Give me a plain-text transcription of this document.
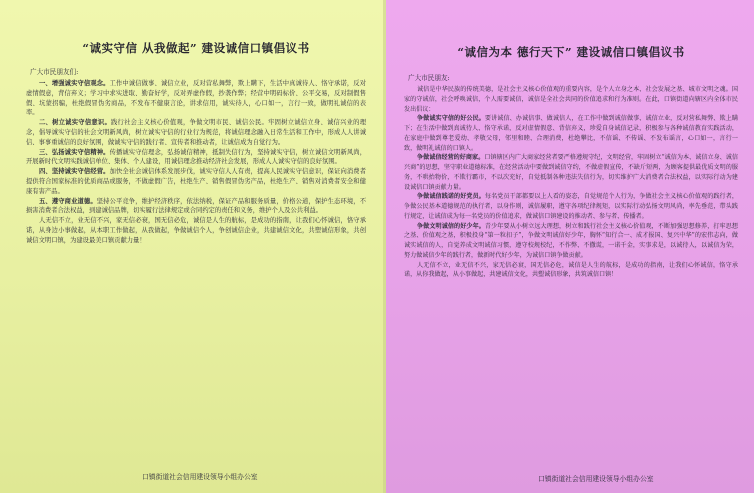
“诚实守信 从我做起” 建设诚信口镇倡议书
广大市民朋友们:

一、增强诚实守信观念。工作中诚信做事、诚信立业，反对营私舞弊，欺上瞒下，生活中真诚待人、恪守承诺，反对虚情假意，背信弃义；学习中求实进取、勤奋好学，反对弄虚作假，抄袭作弊；经营中明码标价、公平交易，反对制假售假、坑蒙拐骗，杜绝假冒伪劣商品，不发布不健康言论，讲求信用，诚实待人，心口如一，言行一致，做明礼诚信的表率。

二、树立诚实守信意识。践行社会主义核心价值观，争做文明市民、诚信公民。牢固树立诚信立身、诚信兴业的理念，倡导诚实守信的社会文明新风尚，树立诚实守信的行业行为规范，将诚信理念融入日常生活和工作中，形成人人讲诚信、事事重诚信的良好氛围，做诚实守信的践行者、宣传者和推动者，让诚信成为自觉行为。

三、弘扬诚实守信精神。传播诚实守信理念，弘扬诚信精神，抵制失信行为，坚持诚实守信，树立诚信文明新风尚，开展新时代文明实践诚信单位、集体、个人建设，用诚信理念推动经济社会发展，形成人人诚实守信的良好氛围。

四、坚持诚实守信经营。加快全社会诚信体系发展步伐，诚实守信人人有责，提高人民诚实守信意识，保证向消费者提供符合国家标准的优质商品或服务，不做虚假广告，杜绝生产、销售假冒伪劣产品，杜绝生产、销售对消费者安全和健康有害产品。

五、遵守商业道德。坚持公平竞争，维护经济秩序，依法纳税，保证产品和服务质量，价格公道，保护生态环境，不损害消费者合法权益，到建诚信品牌，切实履行法律规定或合同约定的责任和义务，维护个人及公共利益。

人无信不立，业无信不兴，家无信必衰，国无信必危，诚信是人生的航标，是成功的指南，让我们心怀诚信，恪守承诺，从身边小事做起，从本职工作做起，从我做起，争做诚信个人，争创诚信企业，共建诚信文化，共塑诚信形象，共创诚信文明口镇，为建设最美口镇贡献力量！

口镇街道社会信用建设领导小组办公室
“诚信为本 德行天下” 建设诚信口镇倡议书
广大市民朋友:

诚信是中华民族的传统美德，是社会主义核心价值观的重要内容，是个人立身之本、社会发展之基、城市文明之魂。国家的守诚信，社会呼唤诚信，个人需要诚信，诚信是全社会共同的价值追求和行为准则。在此，口镇街道向辖区内全体市民发出倡议：

争做诚实守信的好公民。要讲诚信、办诚信事、做诚信人，在工作中做到诚信做事、诚信立业，反对营私舞弊、欺上瞒下；在生活中做到真诚待人、恪守承诺，反对虚情假意、背信弃义，珍爱自身诚信记录，积极参与各种诚信教育实践活动，在家庭中做到尊老爱幼、孝敬父母，邻里和睦、合理消费，杜绝攀比，不信谣、不传谣、不发布谣言，心口如一，言行一致，做明礼诚信的口镇人。

争做诚信经营的好商家。口镇辖区内广大商家经营者要严格遵规守纪，文明经营，牢固树立“诚信为本、诚信立身、诚信兴商”的思想，坚守职业道德标准，在经营活动中要做到诚信守约，不做虚假宣传，不缺斤短两，为顾客提供最优质文明的服务，不哄抬物价，不欺行霸市，不以次充好，自觉抵制各种违法失信行为，切实维护广大消费者合法权益，以实际行动为建设诚信口镇贡献力量。

争做诚信践诺的好党员。每名党员干部都要以上人看的姿态，自觉规范个人行为，争做社会主义核心价值观的践行者，争做公民基本道德规范的执行者，以身作则，诚信履职，遵守各项纪律规矩，以实际行动弘扬文明风尚，率先垂范，带头践行规定，让诚信成为每一名党员的价值追求，做诚信口镇建设的推动者、参与者、传播者。

争做文明诚信的好少年。青少年要从小树立远大理想，树立和践行社会主义核心价值观，不断加强思想修养，打牢思想之基、价值观之基，积极投身“第一粒扣子”，争做文明诚信好少年，胸怀“知行合一、成才报国、复兴中华”的宏伟志向，做诚实诚信的人，自觉养成文明诚信习惯，遵守校规校纪，不作弊、不撒谎，一诺千金，实事求是，以诚待人，以诚信为荣，努力做诚信少年的践行者，做新时代好少年，为诚信口镇争做贡献。

人无信不立，业无信不兴，家无信必衰，国无信必危，诚信是人生的航标，是成功的指南，让我们心怀诚信，恪守承诺，从你我做起，从小事做起，共建诚信文化，共塑诚信形象，共筑诚信口镇！

口镇街道社会信用建设领导小组办公室
